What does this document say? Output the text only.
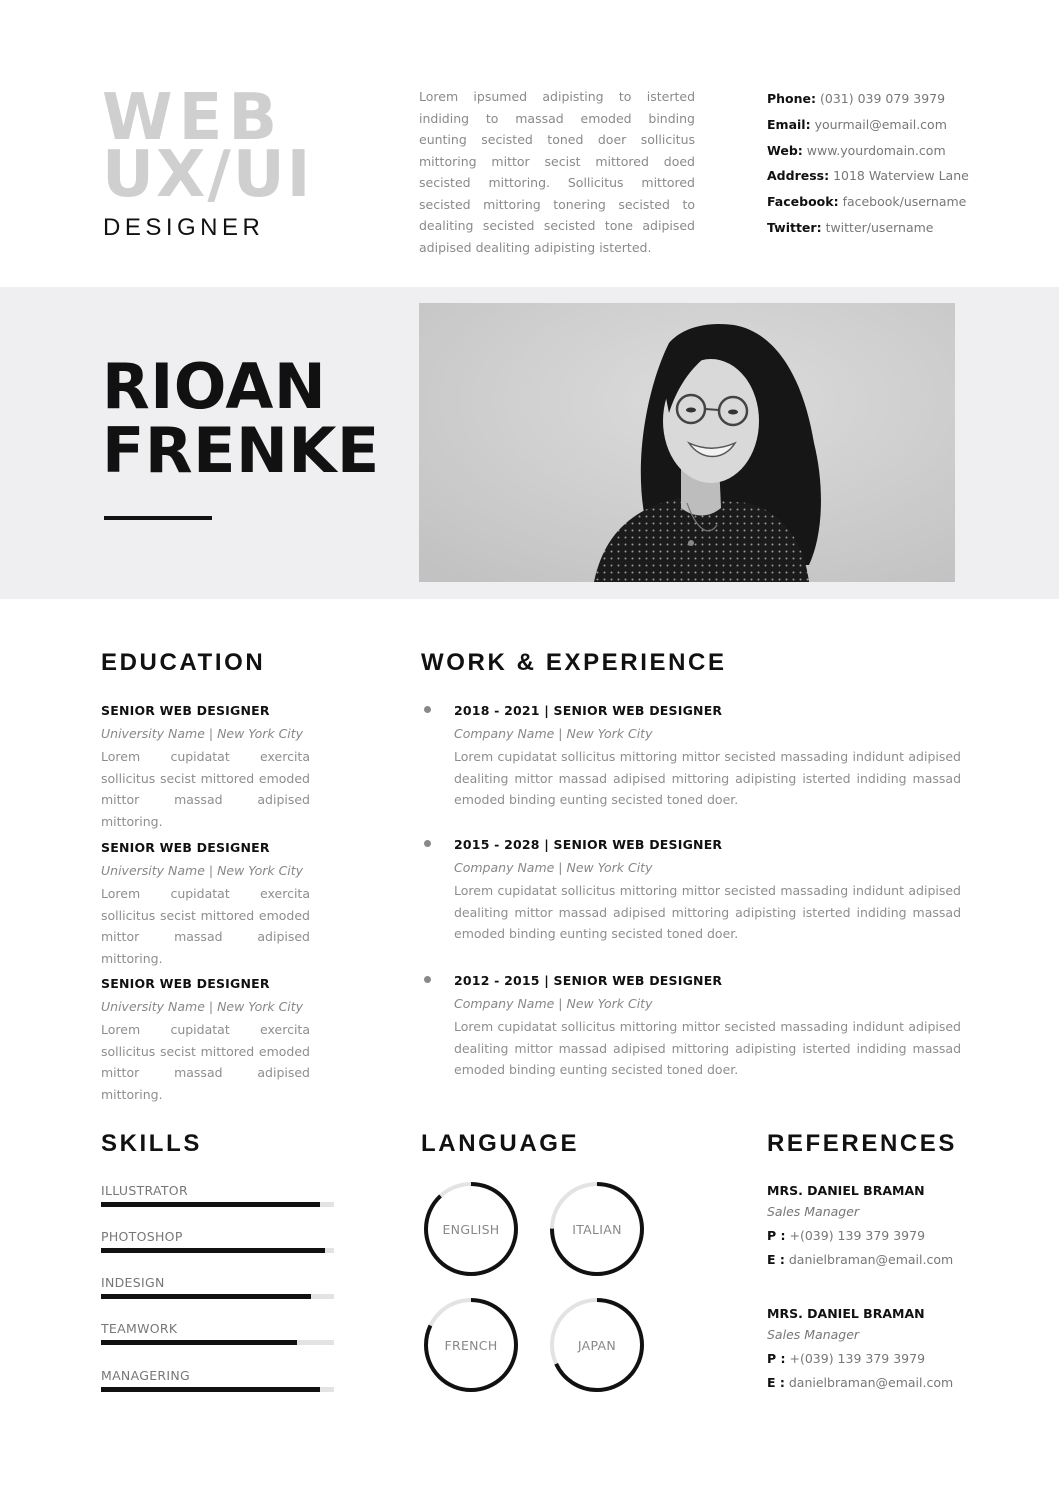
WEB
UX/UI
DESIGNER
Lorem ipsumed adipisting to isterted indiding to massad emoded binding eunting secisted toned doer sollicitus mittoring mittor secist mittored doed secisted mittoring. Sollicitus mittored secisted mittoring tonering secisted to dealiting secisted secisted tone adipised adipised dealiting adipisting isterted.
Phone: (031) 039 079 3979
Email: yourmail@email.com
Web: www.yourdomain.com
Address: 1018 Waterview Lane
Facebook: facebook/username
Twitter: twitter/username
RIOAN
FRENKE
EDUCATION
SENIOR WEB DESIGNER
University Name | New York City
Lorem cupidatat exercita sollicitus secist mittored emoded mittor massad adipised mittoring.
SENIOR WEB DESIGNER
University Name | New York City
Lorem cupidatat exercita sollicitus secist mittored emoded mittor massad adipised mittoring.
SENIOR WEB DESIGNER
University Name | New York City
Lorem cupidatat exercita sollicitus secist mittored emoded mittor massad adipised mittoring.
WORK & EXPERIENCE
2018 - 2021 | SENIOR WEB DESIGNER
Company Name | New York City
Lorem cupidatat sollicitus mittoring mittor secisted massading indidunt adipised dealiting mittor massad adipised mittoring adipisting isterted indiding massad emoded binding eunting secisted toned doer.
2015 - 2028 | SENIOR WEB DESIGNER
Company Name | New York City
Lorem cupidatat sollicitus mittoring mittor secisted massading indidunt adipised dealiting mittor massad adipised mittoring adipisting isterted indiding massad emoded binding eunting secisted toned doer.
2012 - 2015 | SENIOR WEB DESIGNER
Company Name | New York City
Lorem cupidatat sollicitus mittoring mittor secisted massading indidunt adipised dealiting mittor massad adipised mittoring adipisting isterted indiding massad emoded binding eunting secisted toned doer.
SKILLS
ILLUSTRATOR
PHOTOSHOP
INDESIGN
TEAMWORK
MANAGERING
LANGUAGE
ENGLISH	ITALIAN
FRENCH	JAPAN
REFERENCES
MRS. DANIEL BRAMAN
Sales Manager
P : +(039) 139 379 3979
E : danielbraman@email.com
MRS. DANIEL BRAMAN
Sales Manager
P : +(039) 139 379 3979
E : danielbraman@email.com
